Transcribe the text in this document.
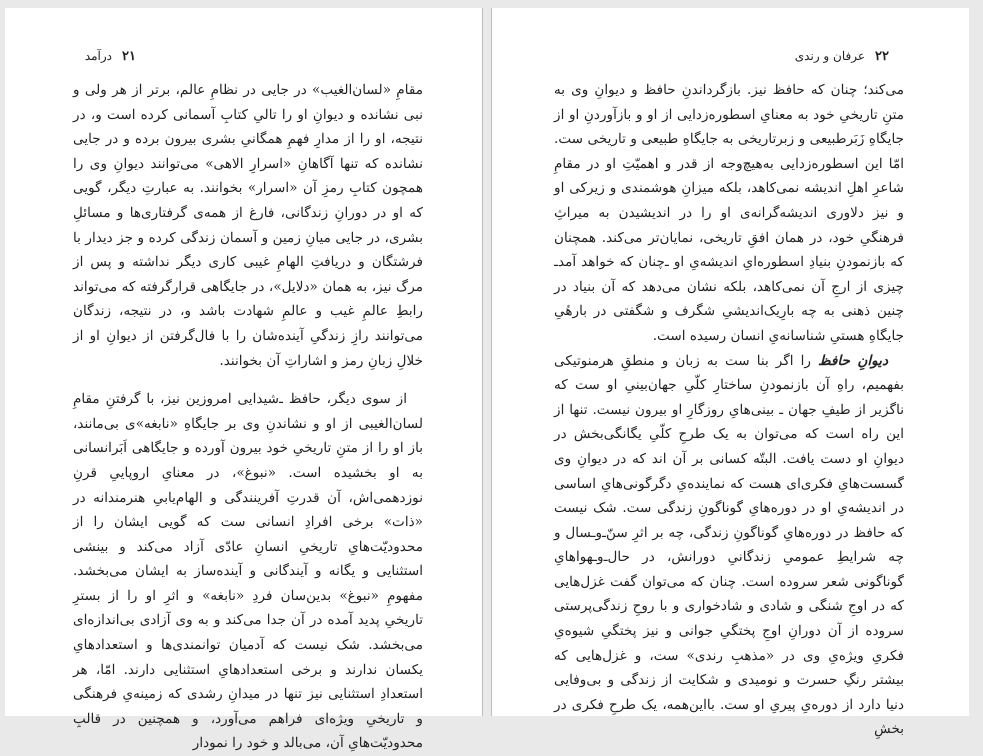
۲۱
درآمد

مقامِ «لسان‌الغیب» در جایی در نظامِ عالم، برتر از هر ولی و نبی نشانده و دیوانِ او را تالیِ کتابِ آسمانی کرده است و، در نتیجه، او را از مدارِ فهمِ همگانیِ بشری بیرون برده و در جایی نشانده که تنها آگاهانِ «اسرارِ الاهی» می‌توانند دیوانِ وی را همچون کتابِ رمزِ آن «اسرار» بخوانند. به عبارتِ دیگر، گویی که او در دورانِ زندگانی، فارغ از همه‌ی گرفتاری‌ها و مسائلِ بشری، در جایی میانِ زمین و آسمان زندگی کرده و جز دیدار با فرشتگان و دریافتِ الهامِ غیبی کاری دیگر نداشته و پس از مرگ نیز، به همان «دلایل»، در جایگاهی قرارگرفته که می‌تواند رابطِ عالمِ غیب و عالمِ شهادت باشد و، در نتیجه، زندگان می‌توانند رازِ زندگیِ آینده‌شان را با فال‌گرفتن از دیوانِ او از خلالِ زبانِ رمز و اشاراتِ آن بخوانند.

از سوی دیگر، حافظ ـ‌شیدایی امروزین نیز، با گرفتنِ مقامِ لسان‌الغیبی از او و نشاندنِ وی بر جایگاهِ «نابغه»ی بی‌مانند، باز او را از متنِ تاریخیِ خود بیرون آورده و جایگاهی اَبَرانسانی به او بخشیده است. «نبوغ»، در معنایِ اروپاییِ قرنِ نوزدهمی‌اش، آن قدرتِ آفرینندگی و الهام‌یابیِ هنرمندانه در «ذات» برخی افرادِ انسانی ست که گویی ایشان را از محدودیّت‌هایِ تاریخیِ انسانِ عادّی آزاد می‌کند و بینشی استثنایی و یگانه و آیندگانی و آینده‌ساز به ایشان می‌بخشد. مفهومِ «نبوغ» بدین‌سان فردِ «نابغه» و اثرِ او را از بسترِ تاریخیِ پدید آمده در آن جدا می‌کند و به وی آزادی بی‌اندازه‌ای می‌بخشد. شک نیست که آدمیان توانمندی‌ها و استعدادهایِ یکسان ندارند و برخی استعدادهایِ استثنایی دارند. امّا، هر استعدادِ استثنایی نیز تنها در میدانِ رشدی که زمینه‌یِ فرهنگی و تاریخیِ ویژه‌ای فراهم می‌آورد، و همچنین در قالبِ محدودیّت‌هایِ آن، می‌بالد و خود را نمودار

۲۲
عرفان و رندی

می‌کند؛ چنان که حافظ نیز. بازگرداندنِ حافظ و دیوانِ وی به متنِ تاریخیِ خود به معنایِ اسطوره‌زدایی از او و بازآوردنِ او از جایگاهِ زَبَرطبیعی و زبرتاریخی به جایگاهِ طبیعی و تاریخی ست. امّا این اسطوره‌زدایی به‌هیچ‌وجه از قدر و اهمیّتِ او در مقامِ شاعرِ اهلِ اندیشه نمی‌کاهد، بلکه میزانِ هوشمندی و زیرکی او و نیز دلاوری اندیشه‌گرانه‌ی او را در اندیشیدن به میراثِ فرهنگیِ خود، در همان افقِ تاریخی، نمایان‌تر می‌کند. همچنان که بازنمودنِ بنیادِ اسطوره‌ایِ اندیشه‌یِ او ـ‌چنان که خواهد آمد‌ـ چیزی از ارجِ آن نمی‌کاهد، بلکه نشان می‌دهد که آن بنیاد در چنین ذهنی به چه بارِیک‌اندیشیِ شگرف و شگفتی در بارهٔیِ جایگاهِ هستیِ شناسانه‌یِ انسان رسیده است.

دیوانِ حافظ را اگر بنا ست به زبان و منطقِ هرمنوتیکی بفهمیم، راهِ آن بازنمودنِ ساختارِ کلّیِ جهان‌بینیِ او ست که ناگزیر از طیفِ جهان ـ بینی‌هایِ روزگارِ او بیرون نیست. تنها از این راه است که می‌توان به یک طرحِ کلّیِ یگانگی‌بخش در دیوانِ او دست یافت. البتّه کسانی بر آن اند که در دیوانِ وی گسست‌هایِ فکری‌ای هست که نماینده‌یِ دگرگونی‌هایِ اساسی در اندیشه‌یِ او در دوره‌هایِ گوناگونِ زندگی ست. شک نیست که حافظ در دوره‌هایِ گوناگونِ زندگی، چه بر اثرِ سنّ‌ـ‌و‌ـسال و چه شرایطِ عمومیِ زندگانیِ دورانش، در حال‌ـ‌و‌ـهواهایِ گوناگونی شعر سروده است. چنان که می‌توان گفت غزل‌هایی که در اوجِ شنگی و شادی و شادخواری و با روحِ زندگی‌پرستی سروده از آن دورانِ اوجِ پختگیِ جوانی و نیز پختگیِ شیوه‌یِ فکریِ ویژه‌یِ وی در «مذهبِ رندی» ست، و غزل‌هایی که بیشتر رنگِ حسرت و نومیدی و شکایت از زندگی و بی‌وفایی دنیا دارد از دوره‌یِ پیریِ او ست. بااین‌همه، یک طرحِ فکری در بخشِ
